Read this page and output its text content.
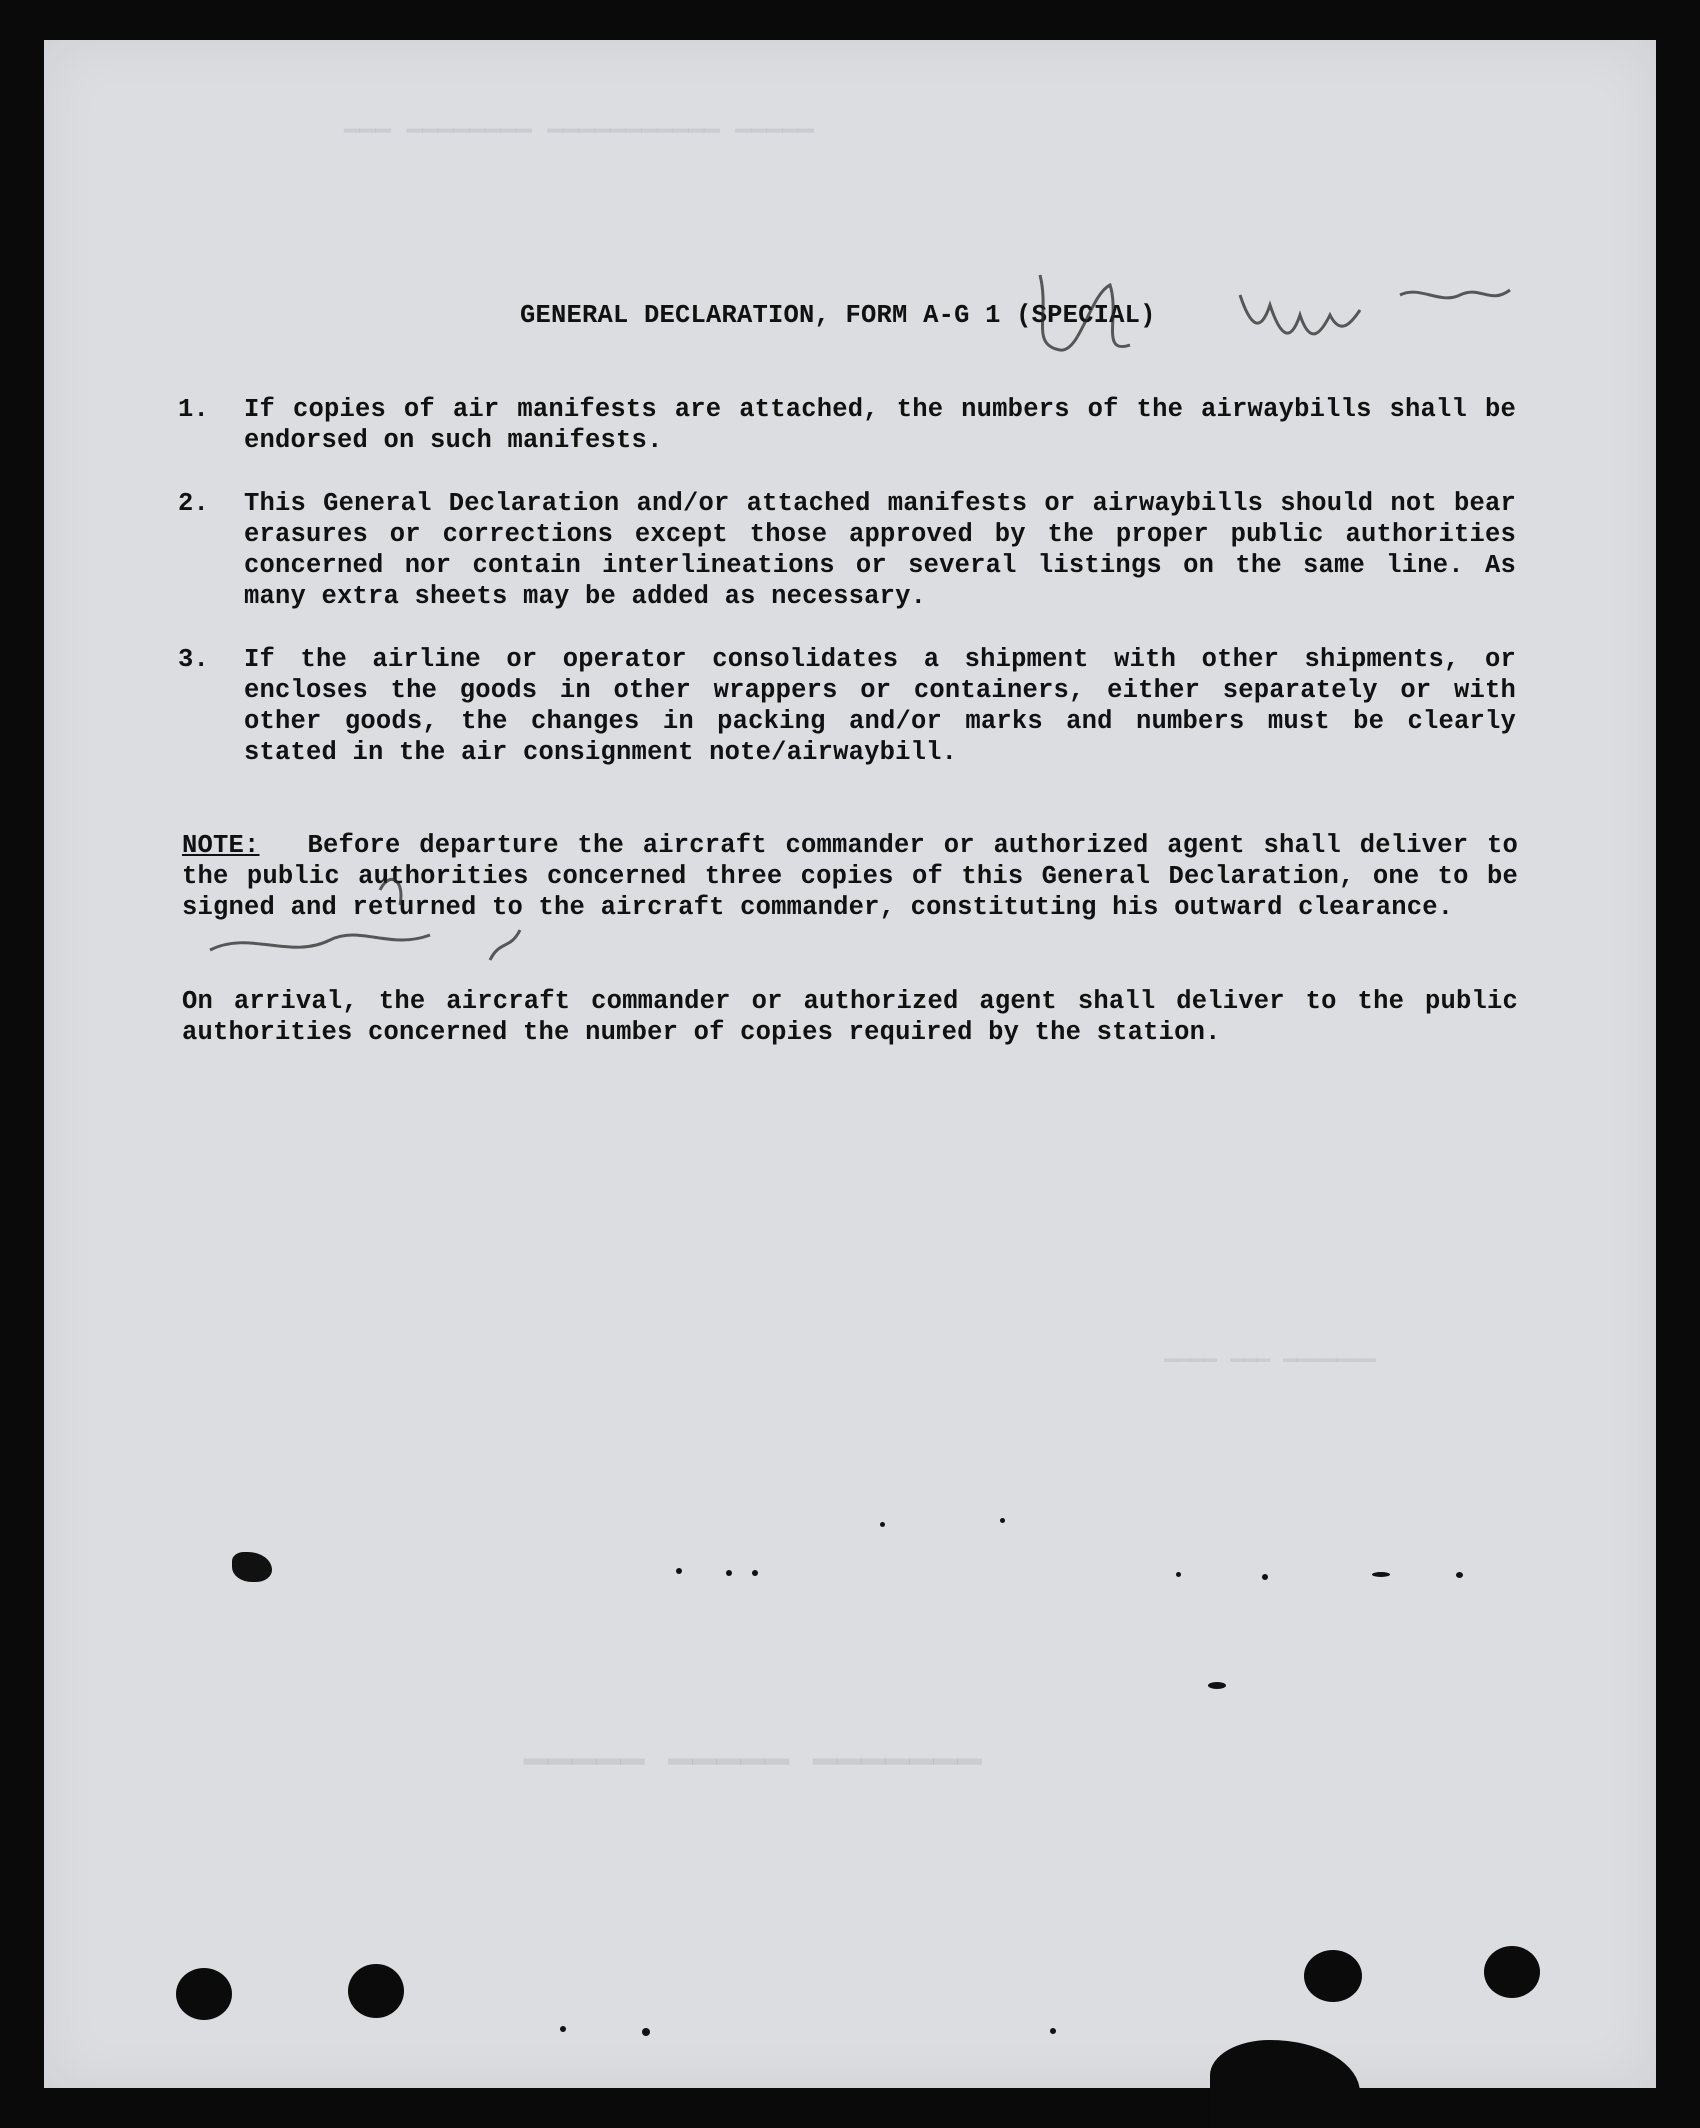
▔▔▔ ▔▔▔▔▔▔▔▔ ▔▔▔▔▔▔▔▔▔▔▔ ▔▔▔▔▔
▔▔▔▔ ▔▔▔ ▔▔▔▔▔▔▔
▔▔▔▔▔ ▔▔▔▔▔ ▔▔▔▔▔▔▔
GENERAL DECLARATION, FORM A-G 1 (SPECIAL)
1.	If copies of air manifests are attached, the numbers of the airwaybills shall be endorsed on such manifests.
2.	This General Declaration and/or attached manifests or airwaybills should not bear erasures or corrections except those approved by the proper public authorities concerned nor contain interlineations or several listings on the same line. As many extra sheets may be added as necessary.
3.	If the airline or operator consolidates a shipment with other shipments, or encloses the goods in other wrappers or containers, either separately or with other goods, the changes in packing and/or marks and numbers must be clearly stated in the air consignment note/airwaybill.
NOTE: Before departure the aircraft commander or authorized agent shall deliver to the public authorities concerned three copies of this General Declaration, one to be signed and returned to the aircraft commander, constituting his outward clearance.
On arrival, the aircraft commander or authorized agent shall deliver to the public authorities concerned the number of copies required by the station.
